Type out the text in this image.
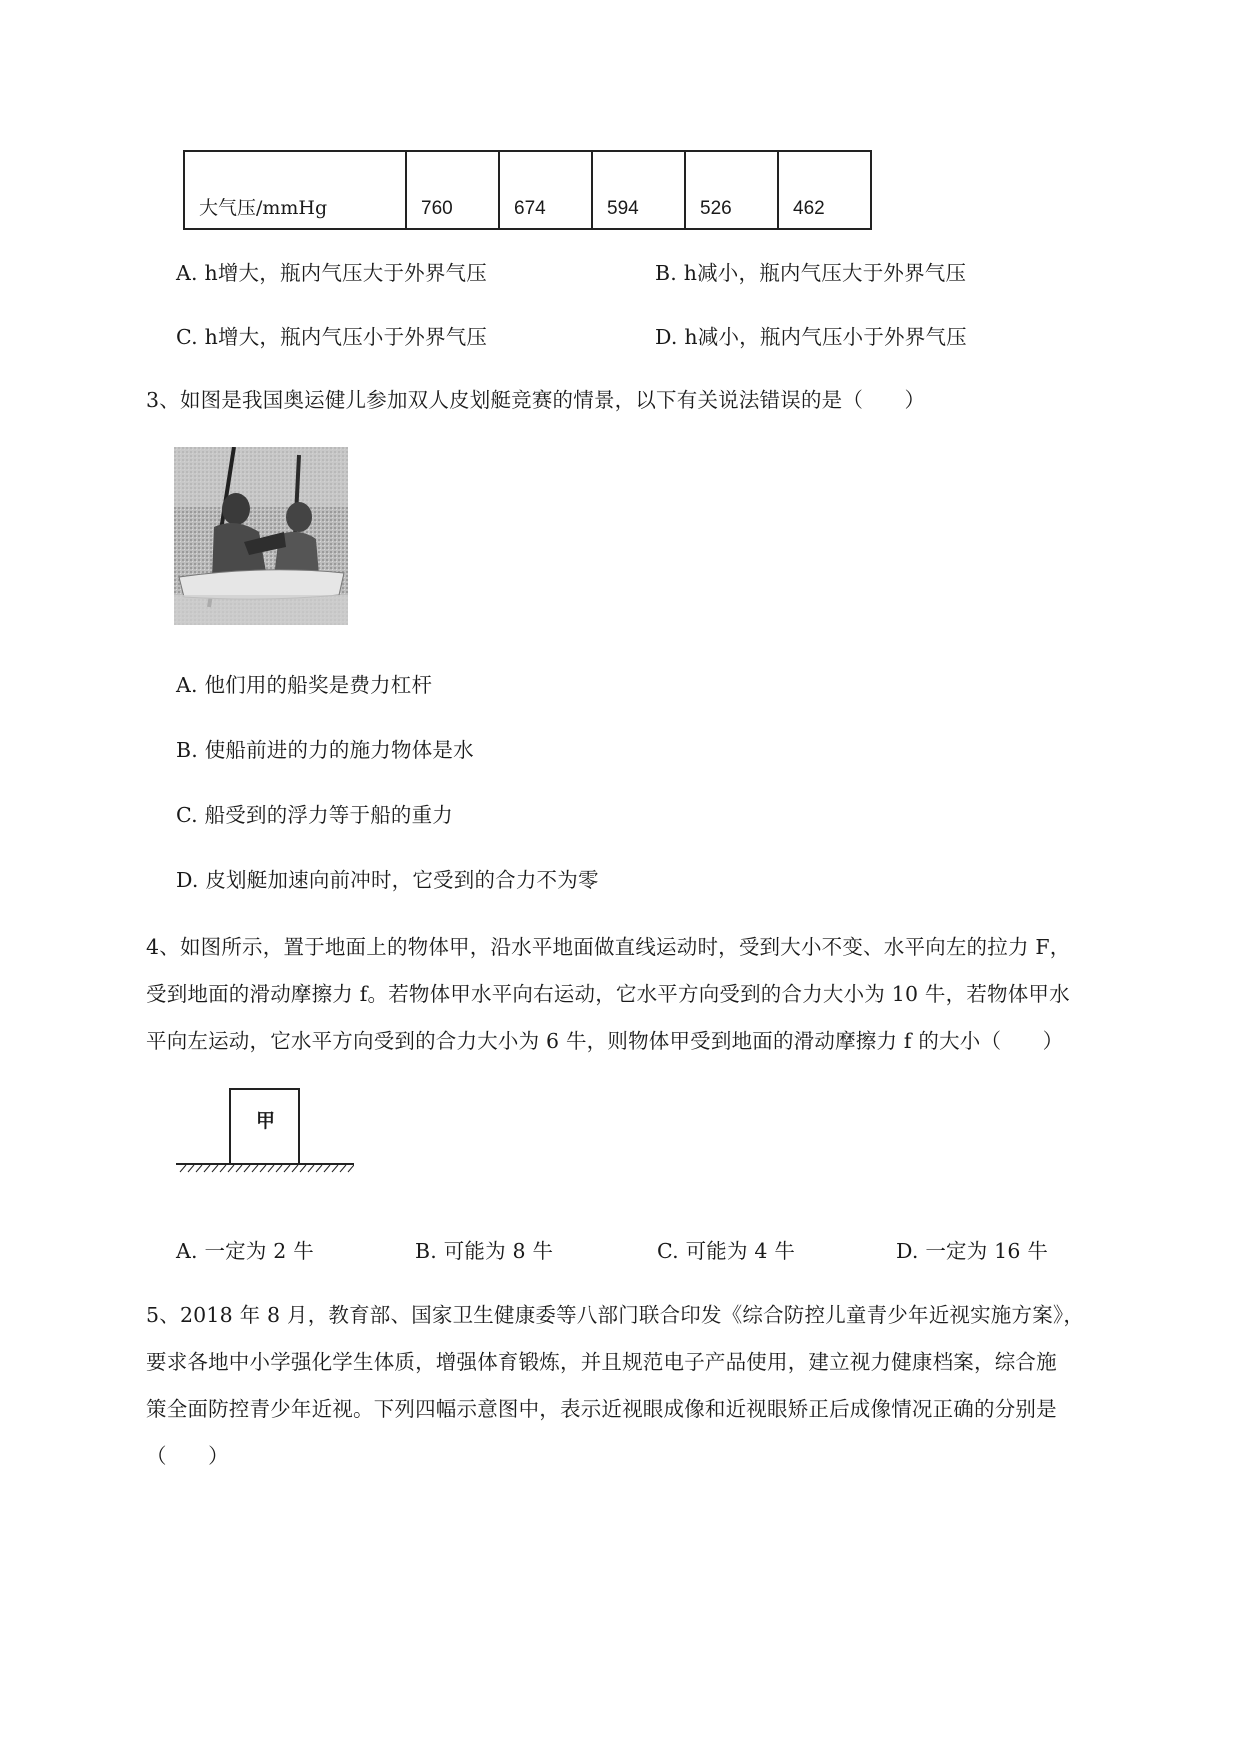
大气压/mmHg	760	674	594	526	462
A. h增大，瓶内气压大于外界气压	B. h减小，瓶内气压大于外界气压
C. h增大，瓶内气压小于外界气压	D. h减小，瓶内气压小于外界气压
3、如图是我国奥运健儿参加双人皮划艇竞赛的情景，以下有关说法错误的是（　　）
A. 他们用的船奖是费力杠杆
B. 使船前进的力的施力物体是水
C. 船受到的浮力等于船的重力
D. 皮划艇加速向前冲时，它受到的合力不为零
4、如图所示，置于地面上的物体甲，沿水平地面做直线运动时，受到大小不变、水平向左的拉力 F，
受到地面的滑动摩擦力 f。若物体甲水平向右运动，它水平方向受到的合力大小为 10 牛，若物体甲水
平向左运动，它水平方向受到的合力大小为 6 牛，则物体甲受到地面的滑动摩擦力 f 的大小（　　）
甲
A. 一定为 2 牛	B. 可能为 8 牛	C. 可能为 4 牛	D. 一定为 16 牛
5、2018 年 8 月，教育部、国家卫生健康委等八部门联合印发《综合防控儿童青少年近视实施方案》，
要求各地中小学强化学生体质，增强体育锻炼，并且规范电子产品使用，建立视力健康档案，综合施
策全面防控青少年近视。下列四幅示意图中，表示近视眼成像和近视眼矫正后成像情况正确的分别是
（　　）
